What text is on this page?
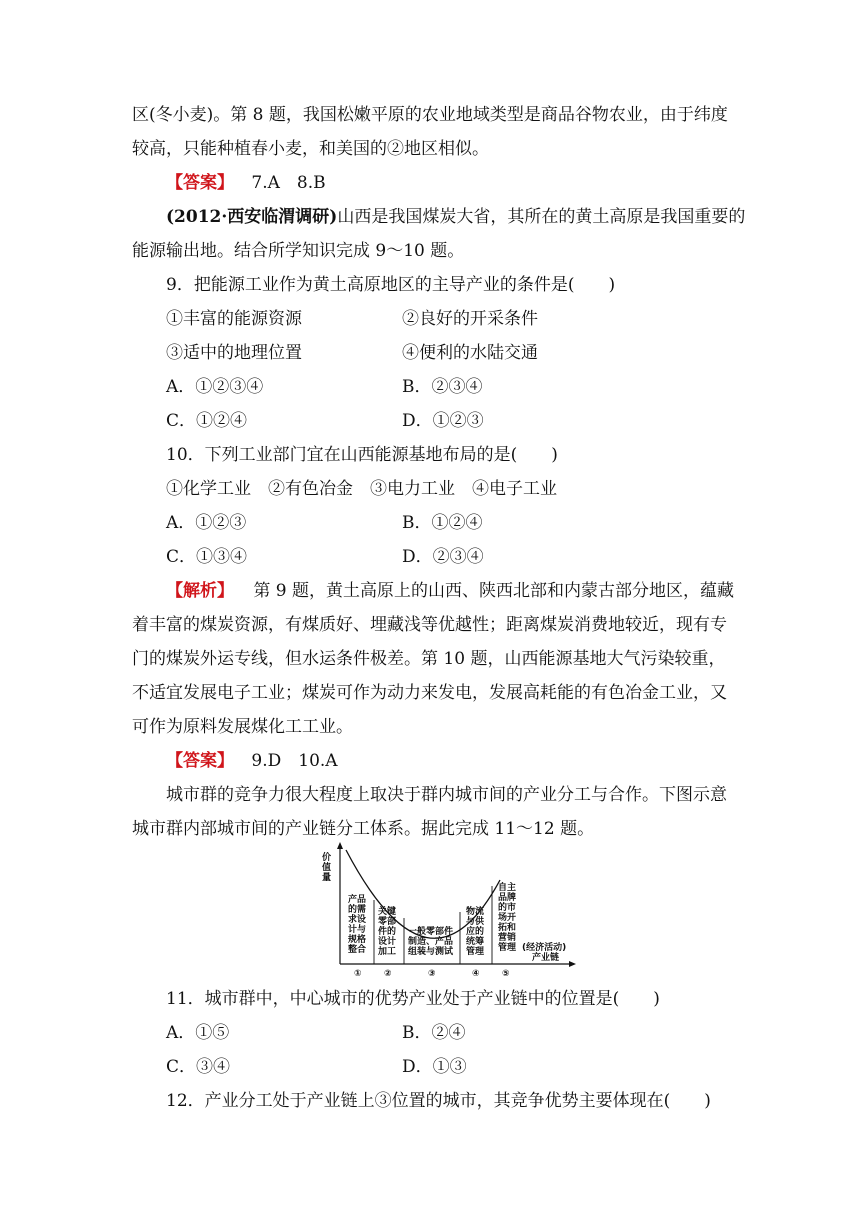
区(冬小麦)。第 8 题，我国松嫩平原的农业地域类型是商品谷物农业，由于纬度
较高，只能种植春小麦，和美国的②地区相似。
【答案】 7.A　8.B
(2012·西安临渭调研)山西是我国煤炭大省，其所在的黄土高原是我国重要的
能源输出地。结合所学知识完成 9～10 题。
9．把能源工业作为黄土高原地区的主导产业的条件是(　　)
①丰富的能源资源	②良好的开采条件
③适中的地理位置	④便利的水陆交通
A．①②③④	B．②③④
C．①②④	D．①②③
10．下列工业部门宜在山西能源基地布局的是(　　)
①化学工业　②有色冶金　③电力工业　④电子工业
A．①②③	B．①②④
C．①③④	D．②③④
【解析】 第 9 题，黄土高原上的山西、陕西北部和内蒙古部分地区，蕴藏
着丰富的煤炭资源，有煤质好、埋藏浅等优越性；距离煤炭消费地较近，现有专
门的煤炭外运专线，但水运条件极差。第 10 题，山西能源基地大气污染较重，
不适宜发展电子工业；煤炭可作为动力来发电，发展高耗能的有色冶金工业，又
可作为原料发展煤化工工业。
【答案】 9.D　10.A
城市群的竞争力很大程度上取决于群内城市间的产业分工与合作。下图示意
城市群内部城市间的产业链分工体系。据此完成 11～12 题。
价
值
量
产品
的需
求设
计与
规格
整合
①
关键
零部
件的
设计
加工
②
一般零部件
制造、产品
组装与测试
③
物流
与供
应的
统筹
管理
④
自主
品牌
的市
场开
拓和
营销
管理
⑤
(经济活动)
产业链
11．城市群中，中心城市的优势产业处于产业链中的位置是(　　)
A．①⑤	B．②④
C．③④	D．①③
12．产业分工处于产业链上③位置的城市，其竞争优势主要体现在(　　)
